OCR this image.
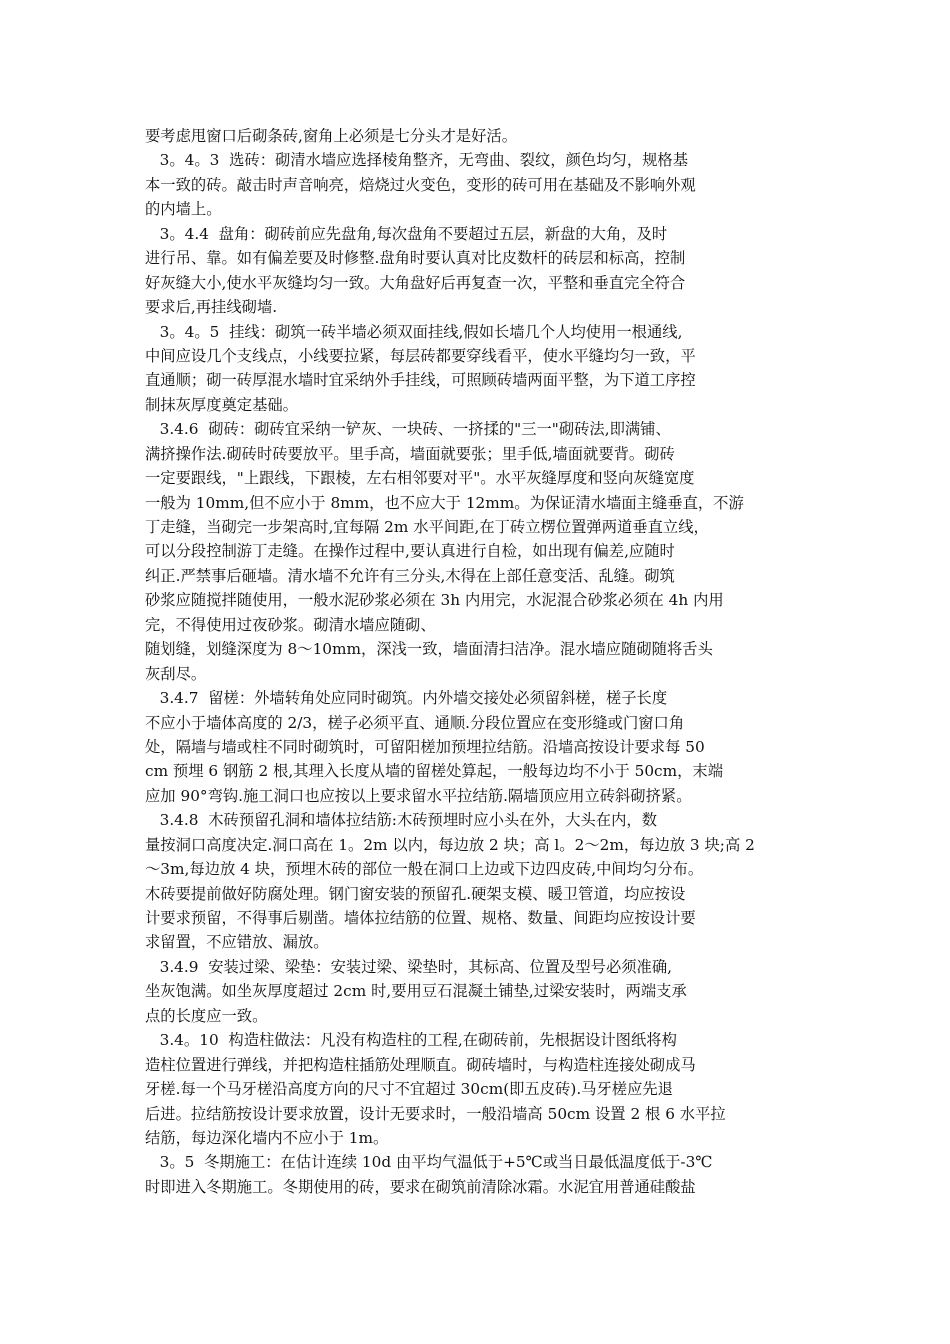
要考虑甩窗口后砌条砖,窗角上必须是七分头才是好活。
3。4。3  选砖：砌清水墙应选择棱角整齐，无弯曲、裂纹，颜色均匀，规格基
本一致的砖。敲击时声音响亮，焙烧过火变色，变形的砖可用在基础及不影响外观
的内墙上。
3。4.4  盘角：砌砖前应先盘角,每次盘角不要超过五层，新盘的大角，及时
进行吊、靠。如有偏差要及时修整.盘角时要认真对比皮数杆的砖层和标高，控制
好灰缝大小,使水平灰缝均匀一致。大角盘好后再复查一次，平整和垂直完全符合
要求后,再挂线砌墙.
3。4。5  挂线：砌筑一砖半墙必须双面挂线,假如长墙几个人均使用一根通线,
中间应设几个支线点，小线要拉紧，每层砖都要穿线看平，使水平缝均匀一致，平
直通顺；砌一砖厚混水墙时宜采纳外手挂线，可照顾砖墙两面平整，为下道工序控
制抹灰厚度奠定基础。
3.4.6  砌砖：砌砖宜采纳一铲灰、一块砖、一挤揉的"三一"砌砖法,即满铺、
满挤操作法.砌砖时砖要放平。里手高，墙面就要张；里手低,墙面就要背。砌砖
一定要跟线，"上跟线，下跟棱，左右相邻要对平"。水平灰缝厚度和竖向灰缝宽度
一般为 10mm,但不应小于 8mm，也不应大于 12mm。为保证清水墙面主缝垂直，不游
丁走缝，当砌完一步架高时,宜每隔 2m 水平间距,在丁砖立楞位置弹两道垂直立线，
可以分段控制游丁走缝。在操作过程中,要认真进行自检，如出现有偏差,应随时
纠正.严禁事后砸墙。清水墙不允许有三分头,木得在上部任意变活、乱缝。砌筑
砂浆应随搅拌随使用，一般水泥砂浆必须在 3h 内用完，水泥混合砂浆必须在 4h 内用
完，不得使用过夜砂浆。砌清水墙应随砌、
随划缝，划缝深度为 8～10mm，深浅一致，墙面清扫洁净。混水墙应随砌随将舌头
灰刮尽。
3.4.7  留槎：外墙转角处应同时砌筑。内外墙交接处必须留斜槎，槎子长度
不应小于墙体高度的 2/3，槎子必须平直、通顺.分段位置应在变形缝或门窗口角
处，隔墙与墙或柱不同时砌筑时，可留阳槎加预埋拉结筋。沿墙高按设计要求每 50
cm 预埋 6 钢筋 2 根,其理入长度从墙的留槎处算起，一般每边均不小于 50cm，末端
应加 90°弯钩.施工洞口也应按以上要求留水平拉结筋.隔墙顶应用立砖斜砌挤紧。
3.4.8  木砖预留孔洞和墙体拉结筋:木砖预埋时应小头在外，大头在内，数
量按洞口高度决定.洞口高在 1。2m 以内，每边放 2 块；高 l。2～2m，每边放 3 块;高 2
～3m,每边放 4 块，预埋木砖的部位一般在洞口上边或下边四皮砖,中间均匀分布。
木砖要提前做好防腐处理。钢门窗安装的预留孔.硬架支模、暖卫管道，均应按设
计要求预留，不得事后剔凿。墙体拉结筋的位置、规格、数量、间距均应按设计要
求留置，不应错放、漏放。
3.4.9  安装过梁、梁垫：安装过梁、梁垫时，其标高、位置及型号必须准确,
坐灰饱满。如坐灰厚度超过 2cm 时,要用豆石混凝土铺垫,过梁安装时，两端支承
点的长度应一致。
3.4。10  构造柱做法：凡没有构造柱的工程,在砌砖前，先根据设计图纸将构
造柱位置进行弹线，并把构造柱插筋处理顺直。砌砖墙时，与构造柱连接处砌成马
牙槎.每一个马牙槎沿高度方向的尺寸不宜超过 30cm(即五皮砖).马牙槎应先退
后进。拉结筋按设计要求放置，设计无要求时，一般沿墙高 50cm 设置 2 根 6 水平拉
结筋，每边深化墙内不应小于 1m。
3。5  冬期施工：在估计连续 10d 由平均气温低于+5℃或当日最低温度低于-3℃
时即进入冬期施工。冬期使用的砖，要求在砌筑前清除冰霜。水泥宜用普通硅酸盐
